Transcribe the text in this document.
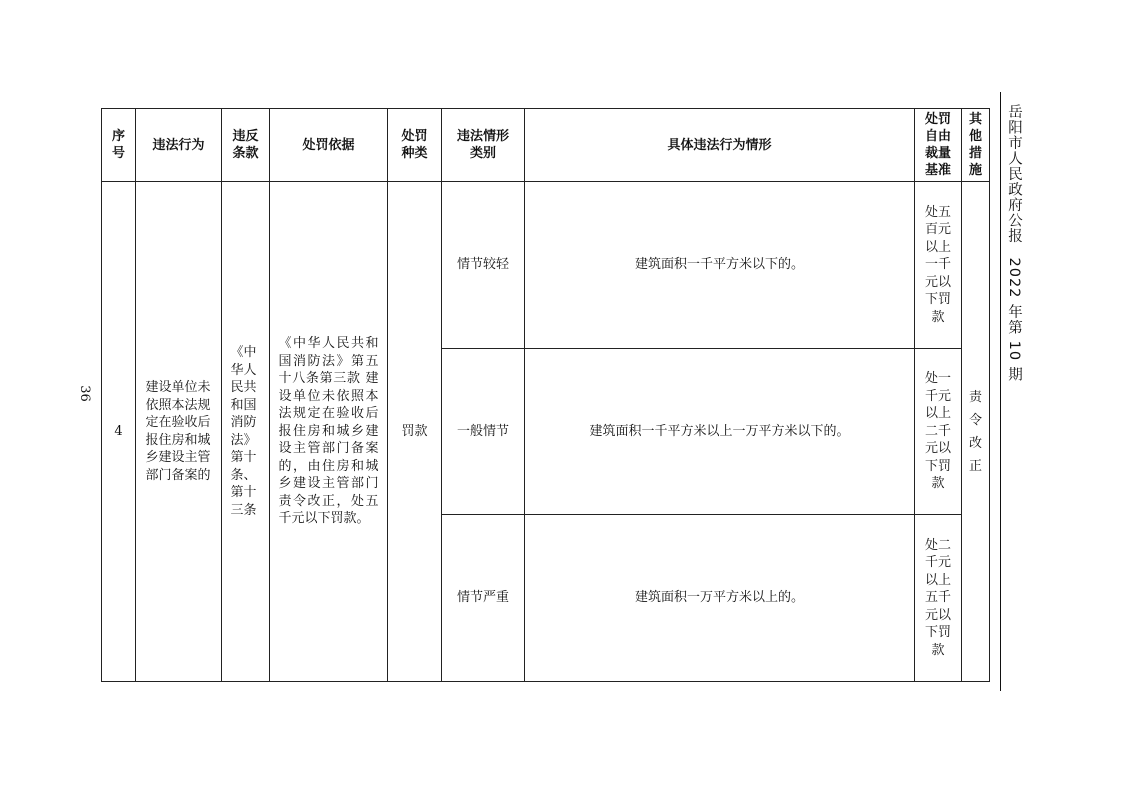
36
序号	违法行为	违反条款	处罚依据	处罚种类	违法情形类别	具体违法行为情形	处罚自由裁量基准	其他措施
4	建设单位未依照本法规定在验收后报住房和城乡建设主管部门备案的	《中华人民共和国消防法》第十条、第十三条	《中华人民共和国消防法》第五十八条第三款 建设单位未依照本法规定在验收后报住房和城乡建设主管部门备案的，由住房和城乡建设主管部门责令改正，处五千元以下罚款。	罚款	情节较轻	建筑面积一千平方米以下的。	处五百元以上一千元以下罚款	责令改正
					一般情节	建筑面积一千平方米以上一万平方米以下的。	处一千元以上二千元以下罚款	
					情节严重	建筑面积一万平方米以上的。	处二千元以上五千元以下罚款	
岳阳市人民政府公报2022 年第 10 期
